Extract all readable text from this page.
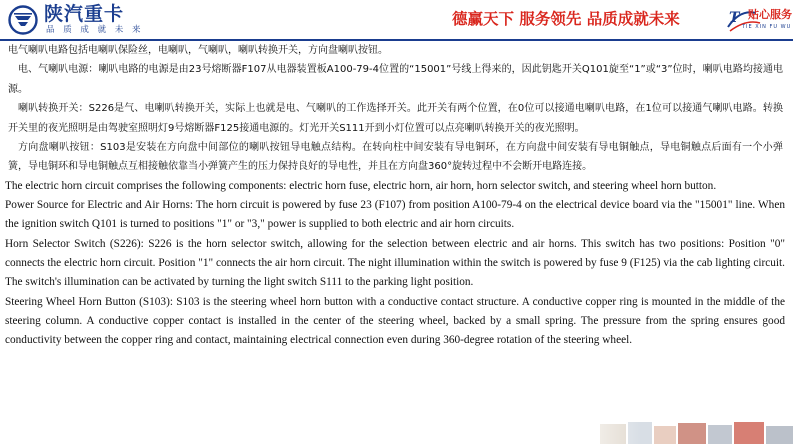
陕汽重卡
品 质 成 就 未 来
德赢天下 服务领先 品质成就未来	T 贴心服务
TIE XIN FU WU

电气喇叭电路包括电喇叭保险丝，电喇叭，气喇叭，喇叭转换开关，方向盘喇叭按钮。

电、气喇叭电源：喇叭电路的电源是由23号熔断器F107从电器装置板A100-79-4位置的“15001”号线上得来的，因此钥匙开关Q101旋至“1”或“3”位时，喇叭电路均接通电源。

喇叭转换开关：S226是气、电喇叭转换开关，实际上也就是电、气喇叭的工作选择开关。此开关有两个位置，在0位可以接通电喇叭电路，在1位可以接通气喇叭电路。转换开关里的夜光照明是由驾驶室照明灯9号熔断器F125接通电源的。灯光开关S111开到小灯位置可以点亮喇叭转换开关的夜光照明。

方向盘喇叭按钮：S103是安装在方向盘中间部位的喇叭按钮导电触点结构。在转向柱中间安装有导电铜环，在方向盘中间安装有导电铜触点，导电铜触点后面有一个小弹簧，导电铜环和导电铜触点互相接触依靠当小弹簧产生的压力保持良好的导电性，并且在方向盘360°旋转过程中不会断开电路连接。

The electric horn circuit comprises the following components: electric horn fuse, electric horn, air horn, horn selector switch, and steering wheel horn button.

Power Source for Electric and Air Horns: The horn circuit is powered by fuse 23 (F107) from position A100-79-4 on the electrical device board via the "15001" line. When the ignition switch Q101 is turned to positions "1" or "3," power is supplied to both electric and air horn circuits.

Horn Selector Switch (S226): S226 is the horn selector switch, allowing for the selection between electric and air horns. This switch has two positions: Position "0" connects the electric horn circuit. Position "1" connects the air horn circuit. The night illumination within the switch is powered by fuse 9 (F125) via the cab lighting circuit. The switch's illumination can be activated by turning the light switch S111 to the parking light position.

Steering Wheel Horn Button (S103): S103 is the steering wheel horn button with a conductive contact structure. A conductive copper ring is mounted in the middle of the steering column. A conductive copper contact is installed in the center of the steering wheel, backed by a small spring. The pressure from the spring ensures good conductivity between the copper ring and contact, maintaining electrical connection even during 360-degree rotation of the steering wheel.
